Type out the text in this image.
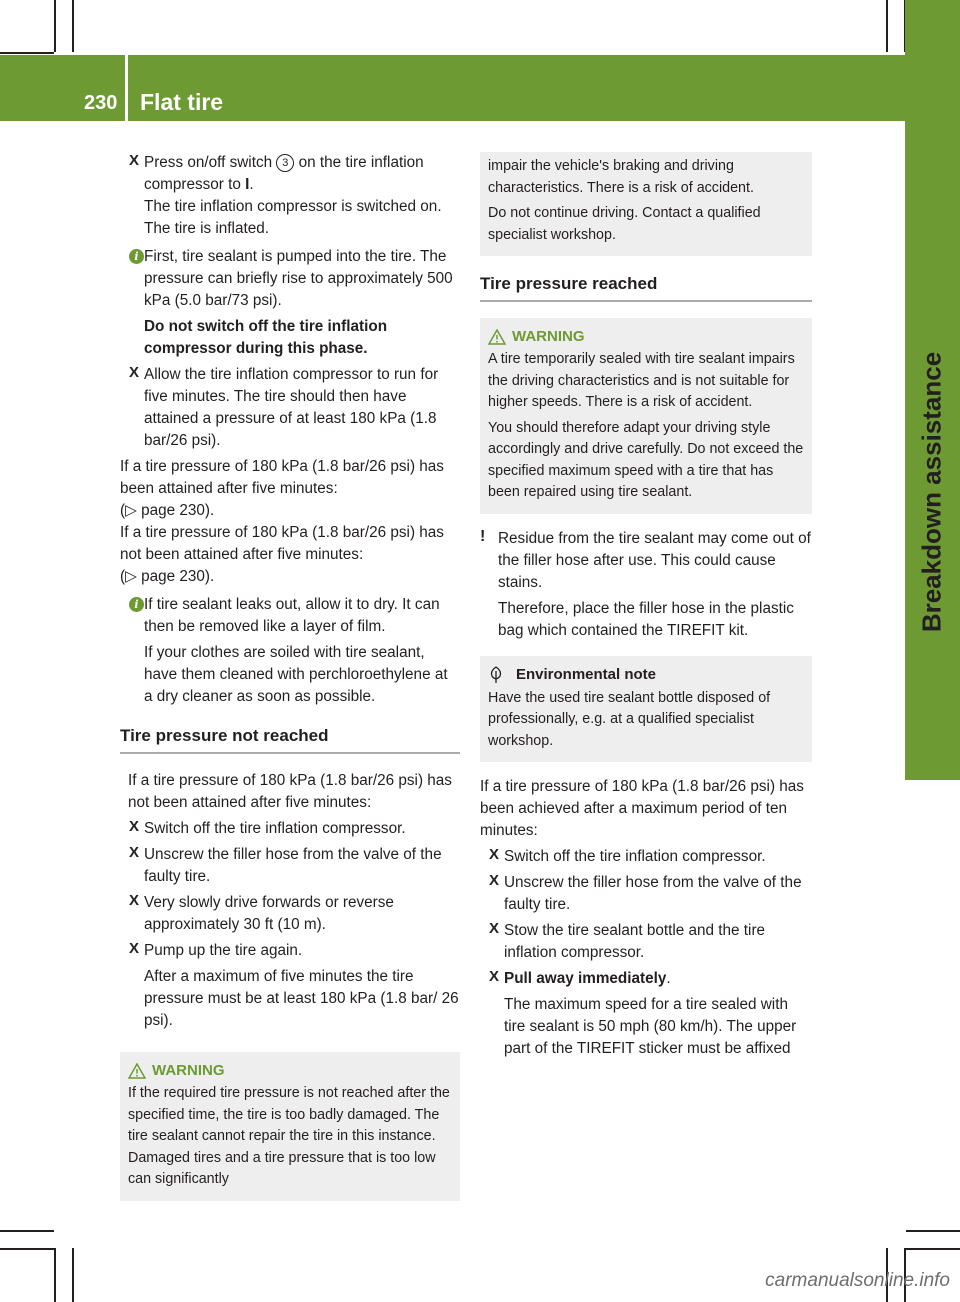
230 Flat tire
Breakdown assistance
X Press on/off switch 3 on the tire inflation compressor to I.

The tire inflation compressor is switched on. The tire is inflated.

i First, tire sealant is pumped into the tire. The pressure can briefly rise to approximately 500 kPa (5.0 bar/73 psi).

Do not switch off the tire inflation compressor during this phase.

X Allow the tire inflation compressor to run for five minutes. The tire should then have attained a pressure of at least 180 kPa (1.8 bar/26 psi).

If a tire pressure of 180 kPa (1.8 bar/26 psi) has been attained after five minutes:

(▷ page 230).

If a tire pressure of 180 kPa (1.8 bar/26 psi) has not been attained after five minutes:

(▷ page 230).

i If tire sealant leaks out, allow it to dry. It can then be removed like a layer of film.

If your clothes are soiled with tire sealant, have them cleaned with perchloroethylene at a dry cleaner as soon as possible.

Tire pressure not reached

If a tire pressure of 180 kPa (1.8 bar/26 psi) has not been attained after five minutes:

X Switch off the tire inflation compressor.

X Unscrew the filler hose from the valve of the faulty tire.

X Very slowly drive forwards or reverse approximately 30 ft (10 m).

X Pump up the tire again.

After a maximum of five minutes the tire pressure must be at least 180 kPa (1.8 bar/ 26 psi).

WARNING

If the required tire pressure is not reached after the specified time, the tire is too badly damaged. The tire sealant cannot repair the tire in this instance. Damaged tires and a tire pressure that is too low can significantly

impair the vehicle's braking and driving characteristics. There is a risk of accident.

Do not continue driving. Contact a qualified specialist workshop.

Tire pressure reached
WARNING

A tire temporarily sealed with tire sealant impairs the driving characteristics and is not suitable for higher speeds. There is a risk of accident.

You should therefore adapt your driving style accordingly and drive carefully. Do not exceed the specified maximum speed with a tire that has been repaired using tire sealant.

! Residue from the tire sealant may come out of the filler hose after use. This could cause stains.

Therefore, place the filler hose in the plastic bag which contained the TIREFIT kit.

Environmental note

Have the used tire sealant bottle disposed of professionally, e.g. at a qualified specialist workshop.

If a tire pressure of 180 kPa (1.8 bar/26 psi) has been achieved after a maximum period of ten minutes:

X Switch off the tire inflation compressor.

X Unscrew the filler hose from the valve of the faulty tire.

X Stow the tire sealant bottle and the tire inflation compressor.

X Pull away immediately.

The maximum speed for a tire sealed with tire sealant is 50 mph (80 km/h). The upper part of the TIREFIT sticker must be affixed

carmanualsonline.info
